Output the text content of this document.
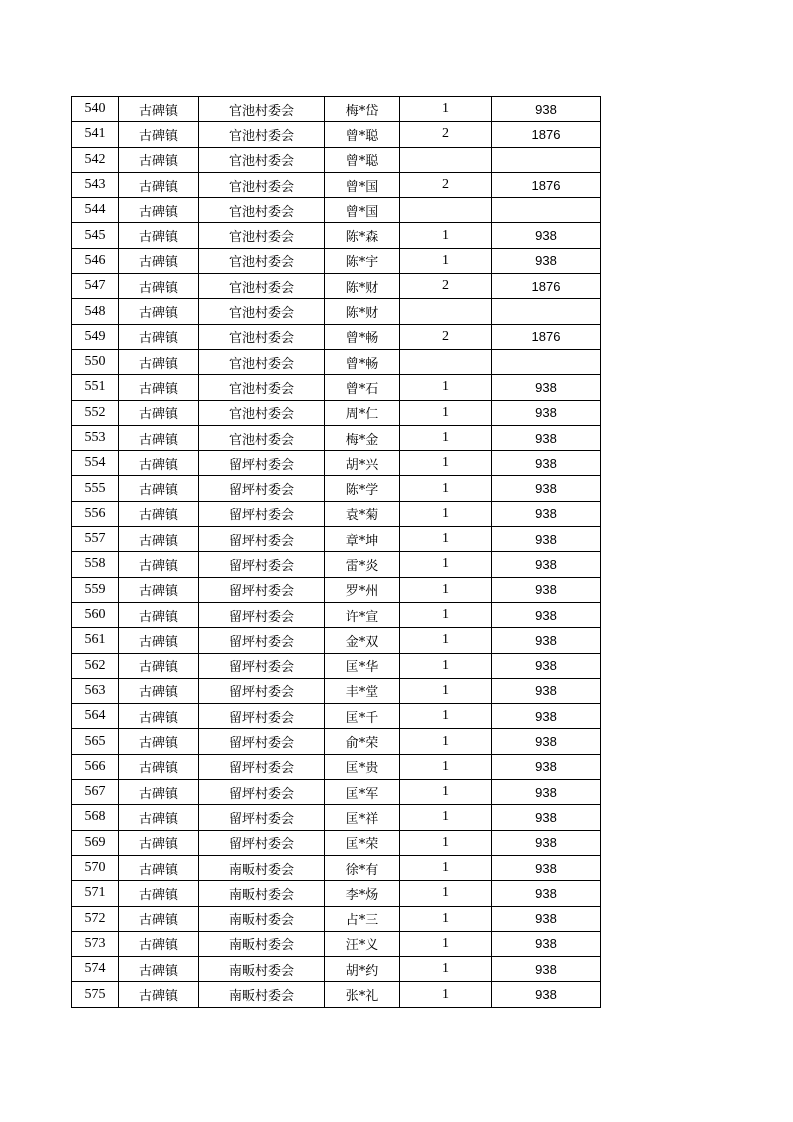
540	古碑镇	官池村委会	梅*岱	1	938
541	古碑镇	官池村委会	曾*聪	2	1876
542	古碑镇	官池村委会	曾*聪		
543	古碑镇	官池村委会	曾*国	2	1876
544	古碑镇	官池村委会	曾*国		
545	古碑镇	官池村委会	陈*森	1	938
546	古碑镇	官池村委会	陈*宇	1	938
547	古碑镇	官池村委会	陈*财	2	1876
548	古碑镇	官池村委会	陈*财		
549	古碑镇	官池村委会	曾*畅	2	1876
550	古碑镇	官池村委会	曾*畅		
551	古碑镇	官池村委会	曾*石	1	938
552	古碑镇	官池村委会	周*仁	1	938
553	古碑镇	官池村委会	梅*金	1	938
554	古碑镇	留坪村委会	胡*兴	1	938
555	古碑镇	留坪村委会	陈*学	1	938
556	古碑镇	留坪村委会	袁*菊	1	938
557	古碑镇	留坪村委会	章*坤	1	938
558	古碑镇	留坪村委会	雷*炎	1	938
559	古碑镇	留坪村委会	罗*州	1	938
560	古碑镇	留坪村委会	许*宣	1	938
561	古碑镇	留坪村委会	金*双	1	938
562	古碑镇	留坪村委会	匡*华	1	938
563	古碑镇	留坪村委会	丰*堂	1	938
564	古碑镇	留坪村委会	匡*千	1	938
565	古碑镇	留坪村委会	俞*荣	1	938
566	古碑镇	留坪村委会	匡*贵	1	938
567	古碑镇	留坪村委会	匡*军	1	938
568	古碑镇	留坪村委会	匡*祥	1	938
569	古碑镇	留坪村委会	匡*荣	1	938
570	古碑镇	南畈村委会	徐*有	1	938
571	古碑镇	南畈村委会	李*炀	1	938
572	古碑镇	南畈村委会	占*三	1	938
573	古碑镇	南畈村委会	汪*义	1	938
574	古碑镇	南畈村委会	胡*约	1	938
575	古碑镇	南畈村委会	张*礼	1	938
